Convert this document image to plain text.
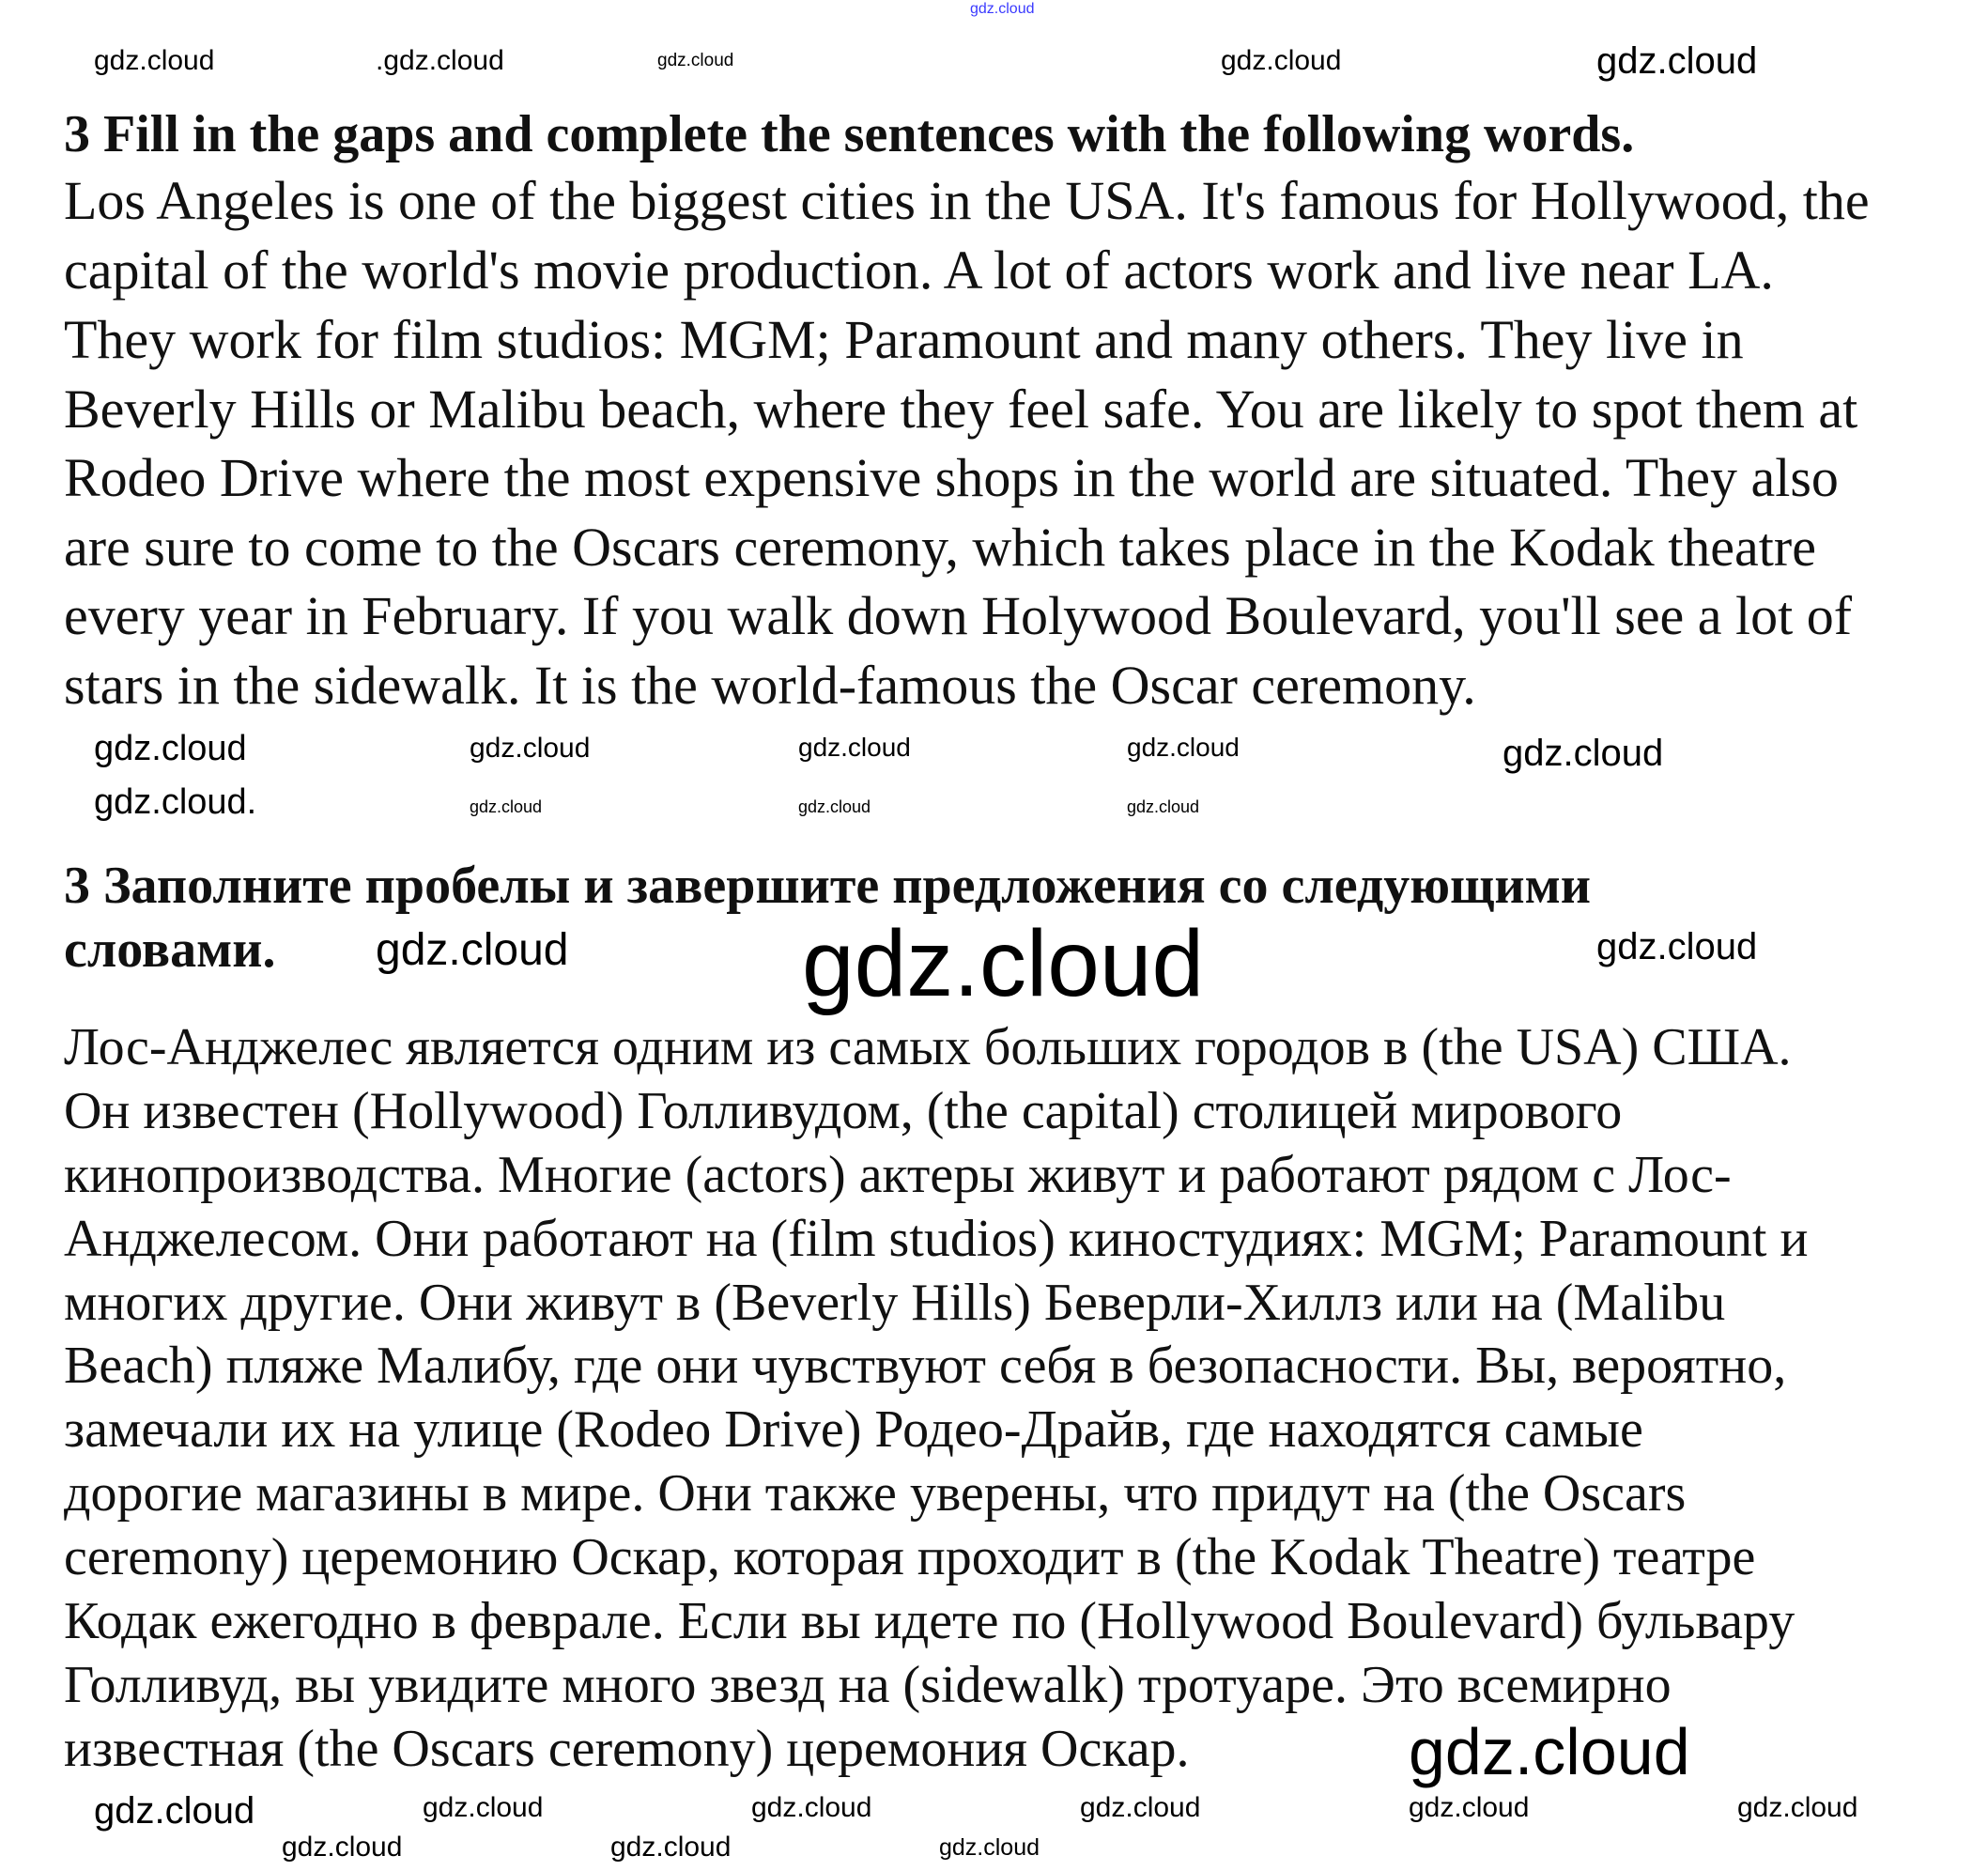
3 Fill in the gaps and complete the sentences with the following words.
Los Angeles is one of the biggest cities in the USA. It's famous for Hollywood, the
capital of the world's movie production. A lot of actors work and live near LA.
They work for film studios: MGM; Paramount and many others. They live in
Beverly Hills or Malibu beach, where they feel safe. You are likely to spot them at
Rodeo Drive where the most expensive shops in the world are situated. They also
are sure to come to the Oscars ceremony, which takes place in the Kodak theatre
every year in February. If you walk down Holywood Boulevard, you'll see a lot of
stars in the sidewalk. It is the world-famous the Oscar ceremony.
3 Заполните пробелы и завершите предложения со следующими
словами.
Лос-Анджелес является одним из самых больших городов в (the USA) США.
Он известен (Hollywood) Голливудом, (the capital) столицей мирового
кинопроизводства. Многие (actors) актеры живут и работают рядом с Лос-
Анджелесом. Они работают на (film studios) киностудиях: MGM; Paramount и
многих другие. Они живут в (Beverly Hills) Беверли-Хиллз или на (Malibu
Beach) пляже Малибу, где они чувствуют себя в безопасности. Вы, вероятно,
замечали их на улице (Rodeo Drive) Родео-Драйв, где находятся самые
дорогие магазины в мире. Они также уверены, что придут на (the Oscars
ceremony) церемонию Оскар, которая проходит в (the Kodak Theatre) театре
Кодак ежегодно в феврале. Если вы идете по (Hollywood Boulevard) бульвару
Голливуд, вы увидите много звезд на (sidewalk) тротуаре. Это всемирно
известная (the Oscars ceremony) церемония Оскар.
gdz.cloud
gdz.cloud
gdz.cloud	.gdz.cloud	gdz.cloud	gdz.cloud
gdz.cloud
gdz.cloud	gdz.cloud
gdz.cloud	gdz.cloud	gdz.cloud
gdz.cloud
gdz.cloud.
gdz.cloud
gdz.cloud
gdz.cloud
gdz.cloud
gdz.cloud	gdz.cloud	gdz.cloud	gdz.cloud	gdz.cloud	gdz.cloud
gdz.cloud	gdz.cloud	gdz.cloud
gdz.cloud
